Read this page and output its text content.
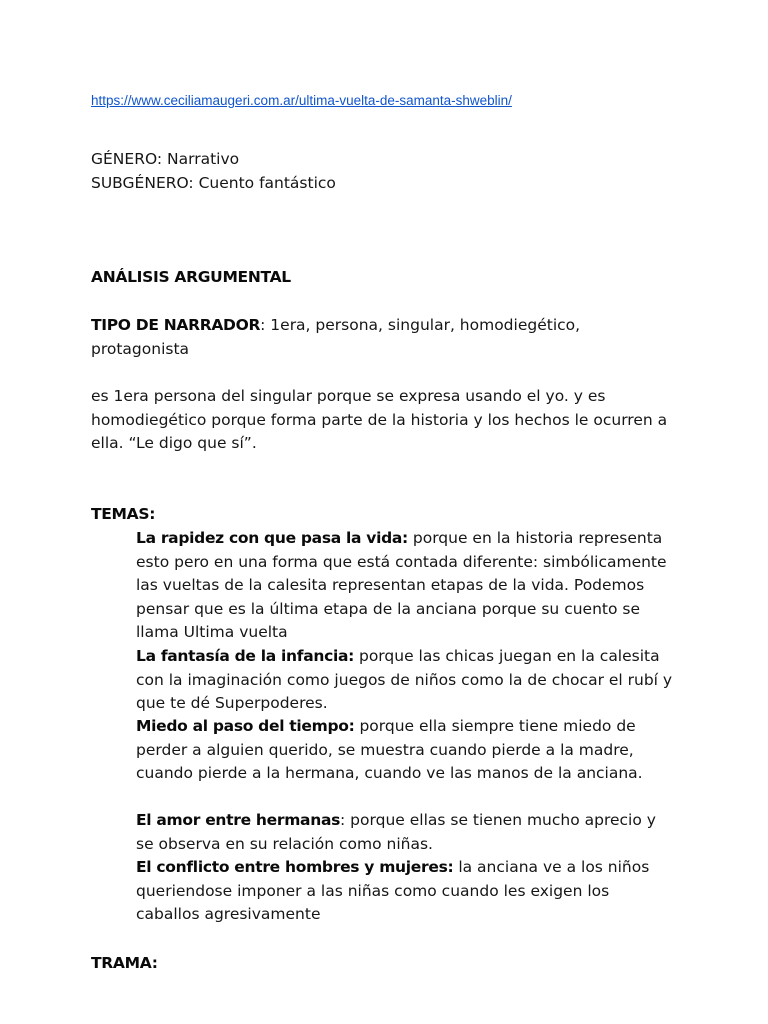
https://www.ceciliamaugeri.com.ar/ultima-vuelta-de-samanta-shweblin/
GÉNERO: Narrativo
SUBGÉNERO: Cuento fantástico
ANÁLISIS ARGUMENTAL
TIPO DE NARRADOR: 1era, persona, singular, homodiegético,
protagonista
es 1era persona del singular porque se expresa usando el yo. y es homodiegético porque forma parte de la historia y los hechos le ocurren a ella. “Le digo que sí”.
TEMAS:
La rapidez con que pasa la vida: porque en la historia representa esto pero en una forma que está contada diferente: simbólicamente las vueltas de la calesita representan etapas de la vida. Podemos pensar que es la última etapa de la anciana porque su cuento se llama Ultima vuelta
La fantasía de la infancia: porque las chicas juegan en la calesita con la imaginación como juegos de niños como la de chocar el rubí y que te dé Superpoderes.
Miedo al paso del tiempo: porque ella siempre tiene miedo de perder a alguien querido, se muestra cuando pierde a la madre, cuando pierde a la hermana, cuando ve las manos de la anciana.
El amor entre hermanas: porque ellas se tienen mucho aprecio y se observa en su relación como niñas.
El conflicto entre hombres y mujeres: la anciana ve a los niños queriendose imponer a las niñas como cuando les exigen los caballos agresivamente
TRAMA:
